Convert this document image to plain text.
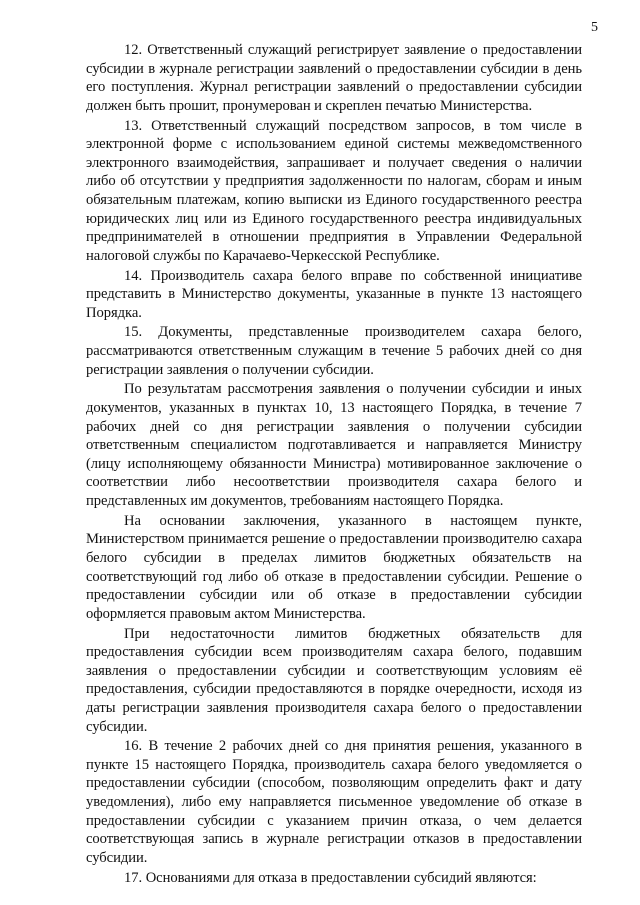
5

12. Ответственный служащий регистрирует заявление о предоставлении субсидии в журнале регистрации заявлений о предоставлении субсидии в день его поступления. Журнал регистрации заявлений о предоставлении субсидии должен быть прошит, пронумерован и скреплен печатью Министерства.

13. Ответственный служащий посредством запросов, в том числе в электронной форме с использованием единой системы межведомственного электронного взаимодействия, запрашивает и получает сведения о наличии либо об отсутствии у предприятия задолженности по налогам, сборам и иным обязательным платежам, копию выписки из Единого государственного реестра юридических лиц или из Единого государственного реестра индивидуальных предпринимателей в отношении предприятия в Управлении Федеральной налоговой службы по Карачаево-Черкесской Республике.

14. Производитель сахара белого вправе по собственной инициативе представить в Министерство документы, указанные в пункте 13 настоящего Порядка.

15. Документы, представленные производителем сахара белого, рассматриваются ответственным служащим в течение 5 рабочих дней со дня регистрации заявления о получении субсидии.

По результатам рассмотрения заявления о получении субсидии и иных документов, указанных в пунктах 10, 13 настоящего Порядка, в течение 7 рабочих дней со дня регистрации заявления о получении субсидии ответственным специалистом подготавливается и направляется Министру (лицу исполняющему обязанности Министра) мотивированное заключение о соответствии либо несоответствии производителя сахара белого и представленных им документов, требованиям настоящего Порядка.

На основании заключения, указанного в настоящем пункте, Министерством принимается решение о предоставлении производителю сахара белого субсидии в пределах лимитов бюджетных обязательств на соответствующий год либо об отказе в предоставлении субсидии. Решение о предоставлении субсидии или об отказе в предоставлении субсидии оформляется правовым актом Министерства.

При недостаточности лимитов бюджетных обязательств для предоставления субсидии всем производителям сахара белого, подавшим заявления о предоставлении субсидии и соответствующим условиям её предоставления, субсидии предоставляются в порядке очередности, исходя из даты регистрации заявления производителя сахара белого о предоставлении субсидии.

16. В течение 2 рабочих дней со дня принятия решения, указанного в пункте 15 настоящего Порядка, производитель сахара белого уведомляется о предоставлении субсидии (способом, позволяющим определить факт и дату уведомления), либо ему направляется письменное уведомление об отказе в предоставлении субсидии с указанием причин отказа, о чем делается соответствующая запись в журнале регистрации отказов в предоставлении субсидии.

17. Основаниями для отказа в предоставлении субсидий являются:
